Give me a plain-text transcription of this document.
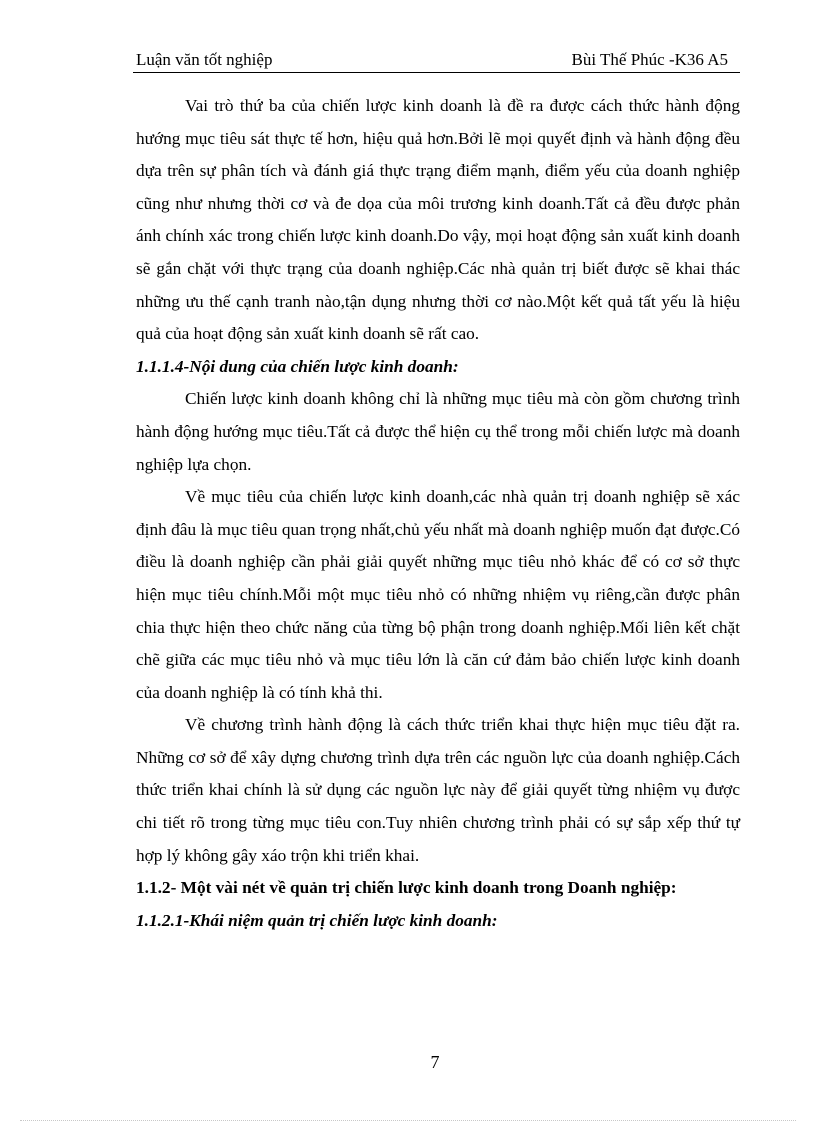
Luận văn tốt nghiệp	Bùi Thế Phúc -K36 A5

Vai trò thứ ba của chiến lược kinh doanh là đề ra được cách thức hành động hướng mục tiêu sát thực tế hơn, hiệu quả hơn.Bởi lẽ mọi quyết định và hành động đều dựa trên sự phân tích và đánh giá thực trạng điểm mạnh, điểm yếu của doanh nghiệp cũng như nhưng thời cơ và đe dọa của môi trương kinh doanh.Tất cả đều được phản ánh chính xác trong chiến lược kinh doanh.Do vậy, mọi hoạt động sản xuất kinh doanh sẽ gắn chặt với thực trạng của doanh nghiệp.Các nhà quản trị biết được sẽ khai thác những ưu thế cạnh tranh nào,tận dụng nhưng thời cơ nào.Một kết quả tất yếu là hiệu quả của hoạt động sản xuất kinh doanh sẽ rất cao.

1.1.1.4-Nội dung của chiến lược kinh doanh:

Chiến lược kinh doanh không chỉ là những mục tiêu mà còn gồm chương trình hành động hướng mục tiêu.Tất cả được thể hiện cụ thể trong mỗi chiến lược mà doanh nghiệp lựa chọn.

Về mục tiêu của chiến lược kinh doanh,các nhà quản trị doanh nghiệp sẽ xác định đâu là mục tiêu quan trọng nhất,chủ yếu nhất mà doanh nghiệp muốn đạt được.Có điều là doanh nghiệp cần phải giải quyết những mục tiêu nhỏ khác để có cơ sở thực hiện mục tiêu chính.Mỗi một mục tiêu nhỏ có những nhiệm vụ riêng,cần được phân chia thực hiện theo chức năng của từng bộ phận trong doanh nghiệp.Mối liên kết chặt chẽ giữa các mục tiêu nhỏ và mục tiêu lớn là căn cứ đảm bảo chiến lược kinh doanh của doanh nghiệp là có tính khả thi.

Về chương trình hành động là cách thức triển khai thực hiện mục tiêu đặt ra. Những cơ sở để xây dựng chương trình dựa trên các nguồn lực của doanh nghiệp.Cách thức triển khai chính là sử dụng các nguồn lực này để giải quyết từng nhiệm vụ được chi tiết rõ trong từng mục tiêu con.Tuy nhiên chương trình phải có sự sắp xếp thứ tự hợp lý không gây xáo trộn khi triển khai.

1.1.2- Một vài nét về quản trị chiến lược kinh doanh trong Doanh nghiệp:

1.1.2.1-Khái niệm quản trị chiến lược kinh doanh:

7
